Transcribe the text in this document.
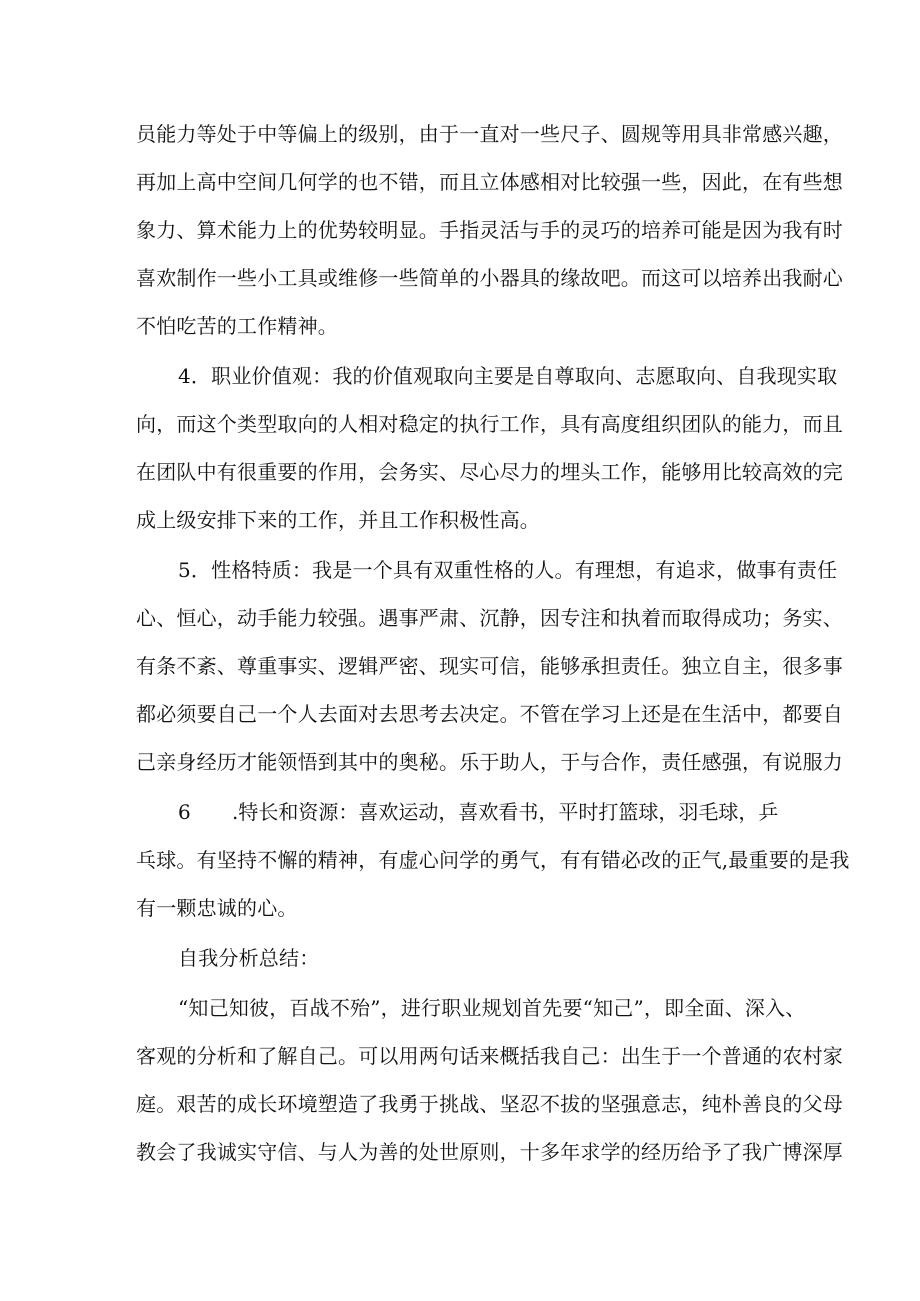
员能力等处于中等偏上的级别，由于一直对一些尺子、圆规等用具非常感兴趣，
再加上高中空间几何学的也不错，而且立体感相对比较强一些，因此，在有些想
象力、算术能力上的优势较明显。手指灵活与手的灵巧的培养可能是因为我有时
喜欢制作一些小工具或维修一些简单的小器具的缘故吧。而这可以培养出我耐心
不怕吃苦的工作精神。
4．职业价值观：我的价值观取向主要是自尊取向、志愿取向、自我现实取
向，而这个类型取向的人相对稳定的执行工作，具有高度组织团队的能力，而且
在团队中有很重要的作用，会务实、尽心尽力的埋头工作，能够用比较高效的完
成上级安排下来的工作，并且工作积极性高。
5．性格特质：我是一个具有双重性格的人。有理想，有追求，做事有责任
心、恒心，动手能力较强。遇事严肃、沉静，因专注和执着而取得成功；务实、
有条不紊、尊重事实、逻辑严密、现实可信，能够承担责任。独立自主，很多事
都必须要自己一个人去面对去思考去决定。不管在学习上还是在生活中，都要自
己亲身经历才能领悟到其中的奥秘。乐于助人，于与合作，责任感强，有说服力
6 .特长和资源：喜欢运动，喜欢看书，平时打篮球，羽毛球，乒
乓球。有坚持不懈的精神，有虚心问学的勇气，有有错必改的正气,最重要的是我
有一颗忠诚的心。
自我分析总结：
“知己知彼，百战不殆”，进行职业规划首先要“知己”，即全面、深入、
客观的分析和了解自己。可以用两句话来概括我自己：出生于一个普通的农村家
庭。艰苦的成长环境塑造了我勇于挑战、坚忍不拔的坚强意志，纯朴善良的父母
教会了我诚实守信、与人为善的处世原则，十多年求学的经历给予了我广博深厚
